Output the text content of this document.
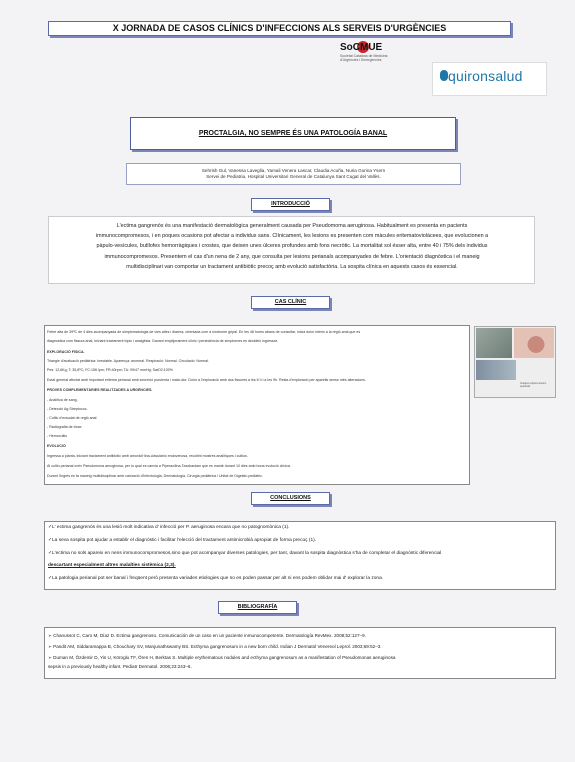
X JORNADA DE CASOS CLÍNICS D'INFECCIONS ALS SERVEIS D'URGÈNCIES
SoCMUE
Societat Catalana de Medicina d'Urgències i Emergències
quironsalud
PROCTALGIA, NO SEMPRE ÉS UNA PATOLOGÍA BANAL
Sehrish Gul, Vanessa Laveglia, Yamali Venera Lascar, Claudia Acuña, Nuria Gorina Ysern
Servei de Pediatria, Hospital Universitari General de Catalunya Sant Cugat del Vallès.
INTRODUCCIÓ
L'ectima gangrenós és una manifestació dermatològica generalment causada per Pseudomoma aeruginosa. Habitualment es presenta en pacients
immunocompromesos, i en poques ocasions pot afectar a individus sans. Clínicament, les lesions es presenten com màcules eritematoviolàcees, que evolucionen a
pàpulo-vesícules, butllofes hemorràgiques i crostes, que deixen unes úlceres profundes amb fons necròtic. La mortalitat sol ésser alta, entre 40 i 75% dels individus
immunocompromesos. Presentem el cas d'un nena de 2 any, que consulta per lesions perianals acompanyades de febre. L'orientació diagnòstica i el maneig
multidisciplinari van comportar un tractament antibiòtic precoç amb evolució satisfactòria. La sospita clínica en aquests casos és essencial.
CAS CLÍNIC
Febre alta de 39ºC de 4 dies acompanyada de simptomatologia de vies altes i diarrea, orientada com a síndrome gripal. En les 48 hores abans de consultar, inicia dolor intens a la regió anal que es
diagnostica com fissura anal, iniciant tractament tòpic i analgèsia. Davant empitjorament clínic i persistència de símptomes es decideix ingressar.
EXPLORACIÓ FÍSICA.
Triangle d'avaluació pediàtrica: Inestable. Aparença: anormal. Respiració: Normal. Circulació: Normal.
Pes: 12,6Kg; T: 35,8ºC; FC:156 lpm; FR:40rpm; TA: 99/47 mmHg; SatO2:100%
Estat general afectat amb important eritema perianal amb secreció purulenta i mala olor. Dolor a l'exploració amb dos fissures a les 6 h i a les 9h. Resta d'exploració per aparells sense més alteracions.
PROVES COMPLEMENTÀRIES REALITZADES A URGÈNCIES.
- Analítica de sang.
- Detecció Ag Streptococ.
- Cultiu d'exsudat de regió anal
- Radiografia de tòrax
- Hemocultiu
EVOLUCIÓ
Ingressa a planta, iniciant tractament antibiòtic amb amoxicil·lina-clavulànic endovenosa, recollint mostres analítiques i cultius.
Al cultiu perianal creix Pseudomona aeroginosa, per lo qual es canvia a Piperacilina-Tazobactam que es manté durant 10 dies amb bona evolució clínica.
Durant l'ingrés es fa maneig multidisciplinar amb valoració d'Infectologia, Dermatologia, Cirurgia pediàtrica i Unitat de Digestiu pediàtric.
Imatges pròpies lesions perianals
CONCLUSIONS
✓L' ectima gangrenós és una lesió molt indicativa d' infecció per P. aeruginosa encara que no patognomònica (1).
✓La seva sospita pot ajudar a establir el diagnòstic i facilitar l'elecció del tractament antimicrobià apropiat de forma precoç (1).
✓L'ectima no sols apareix en nens immunocompromesos,sino que pot acompanyar diverses patologies, per tant, davant la sospita diagnòstica s'ha de completar el diagnòstic diferencial
descartant especialment altres malalties sistèmica (2,3).
✓La patologia perianal pot ser banal i freqüent però presenta variades etiologies que no es poden passar per alt ni ens podem oblidar mai d' explorar la zona.
BIBLIOGRAFÍA
➢ Chanussot C, Caro M, Díaz D. Ectima gangrenoso. Comunicación de un caso en un paciente inmunocompetente. Dermatología RevMex. 2008;52:127–9.
➢ Pandit AM, Siddaramappa B, Chouchary SV, Manjunathswamy BS. Ecthyma gangrenosum in a new born child. Indian J Dermatol Venereol Leprol. 2003;69:52–3.
➢ Duman M, Özdemir D, Yis U, Köroglu TF, Ören H, Berktas S. Multiple erythematous nodules and ecthyma gangrenosum as a manifestation of Pseudomonas aeruginosa
sepsis in a previously healthy infant. Pediatr Dermatol. 2006;23:243–6.
